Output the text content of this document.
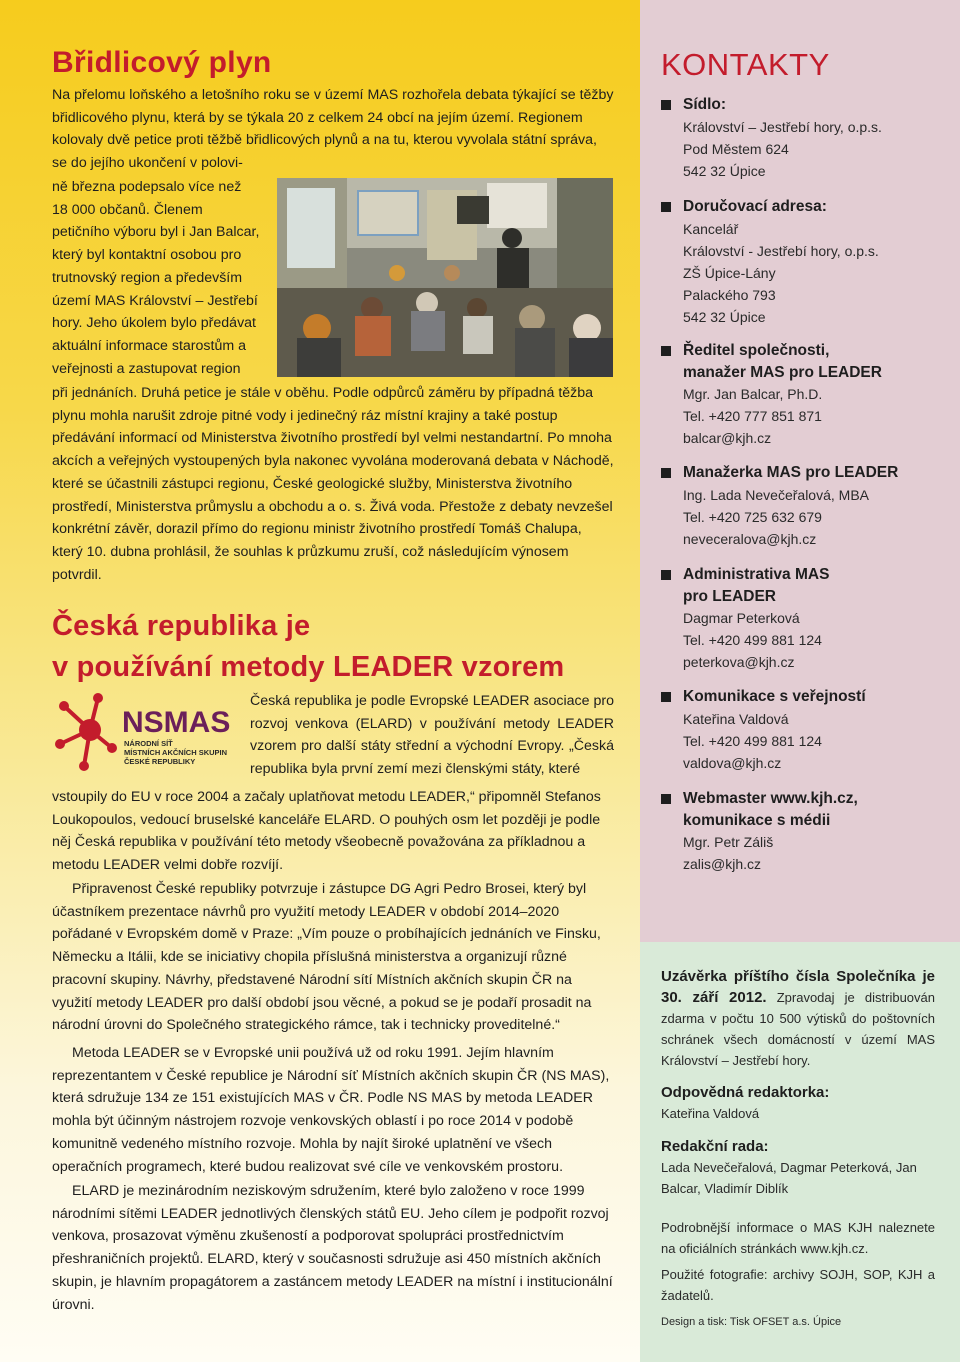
Břidlicový plyn

Na přelomu loňského a letošního roku se v území MAS rozhořela debata týkající se těžby břidlicového plynu, která by se týkala 20 z celkem 24 obcí na jejím území. Regionem kolovaly dvě petice proti těžbě břidlicových plynů a na tu, kterou vyvolala státní správa, se do jejího ukončení v polovi-

ně března podepsalo více než 18 000 občanů. Členem petičního výboru byl i Jan Balcar, který byl kontaktní osobou pro trutnovský region a především území MAS Království – Jestřebí hory. Jeho úkolem bylo předávat aktuální informace starostům a veřejnosti a zastupovat region

při jednáních. Druhá petice je stále v oběhu. Podle odpůrců záměru by případná těžba plynu mohla narušit zdroje pitné vody i jedinečný ráz místní krajiny a také postup předávání informací od Ministerstva životního prostředí byl velmi nestandartní. Po mnoha akcích a veřejných vystoupených byla nakonec vyvolána moderovaná debata v Náchodě, které se účastnili zástupci regionu, České geologické služby, Ministerstva životního prostředí, Ministerstva průmyslu a obchodu a o. s. Živá voda. Přestože z debaty nevzešel konkrétní závěr, dorazil přímo do regionu ministr životního prostředí Tomáš Chalupa, který 10. dubna prohlásil, že souhlas k průzkumu zruší, což následujícím výnosem potvrdil.

Česká republika je
v používání metody LEADER vzorem
NSMAS
NÁRODNÍ SÍŤ
MÍSTNÍCH AKČNÍCH SKUPIN
ČESKÉ REPUBLIKY

Česká republika je podle Evropské LEADER asociace pro rozvoj venkova (ELARD) v používání metody LEADER vzorem pro další státy střední a východní Evropy. „Česká republika byla první zemí mezi členskými státy, které

vstoupily do EU v roce 2004 a začaly uplatňovat metodu LEADER,“ připomněl Stefanos Loukopoulos, vedoucí bruselské kanceláře ELARD. O pouhých osm let později je podle něj Česká republika v používání této metody všeobecně považována za příkladnou a metodu LEADER velmi dobře rozvíjí.

Připravenost České republiky potvrzuje i zástupce DG Agri Pedro Brosei, který byl účastníkem prezentace návrhů pro využití metody LEADER v období 2014–2020 pořádané v Evropském domě v Praze: „Vím pouze o probíhajících jednáních ve Finsku, Německu a Itálii, kde se iniciativy chopila příslušná ministerstva a organizují různé pracovní skupiny. Návrhy, představené Národní sítí Místních akčních skupin ČR na využití metody LEADER pro další období jsou věcné, a pokud se je podaří prosadit na národní úrovni do Společného strategického rámce, tak i technicky proveditelné.“

Metoda LEADER se v Evropské unii používá už od roku 1991. Jejím hlavním reprezentantem v České republice je Národní síť Místních akčních skupin ČR (NS MAS), která sdružuje 134 ze 151 existujících MAS v ČR. Podle NS MAS by metoda LEADER mohla být účinným nástrojem rozvoje venkovských oblastí i po roce 2014 v podobě komunitně vedeného místního rozvoje. Mohla by najít široké uplatnění ve všech operačních programech, které budou realizovat své cíle ve venkovském prostoru.

ELARD je mezinárodním neziskovým sdružením, které bylo založeno v roce 1999 národními sítěmi LEADER jednotlivých členských států EU. Jeho cílem je podpořit rozvoj venkova, prosazovat výměnu zkušeností a podporovat spolupráci prostřednictvím přeshraničních projektů. ELARD, který v současnosti sdružuje asi 450 místních akčních skupin, je hlavním propagátorem a zastáncem metody LEADER na místní i institucionální úrovni.

KONTAKTY
Sídlo:
Království – Jestřebí hory, o.p.s.
Pod Městem 624
542 32 Úpice
Doručovací adresa:
Kancelář
Království - Jestřebí hory, o.p.s.
ZŠ Úpice-Lány
Palackého 793
542 32 Úpice
Ředitel společnosti,
manažer MAS pro LEADER
Mgr. Jan Balcar, Ph.D.
Tel. +420 777 851 871
balcar@kjh.cz
Manažerka MAS pro LEADER
Ing. Lada Nevečeřalová, MBA
Tel. +420 725 632 679
neveceralova@kjh.cz
Administrativa MAS
pro LEADER
Dagmar Peterková
Tel. +420 499 881 124
peterkova@kjh.cz
Komunikace s veřejností
Kateřina Valdová
Tel. +420 499 881 124
valdova@kjh.cz
Webmaster www.kjh.cz,
komunikace s médii
Mgr. Petr Záliš
zalis@kjh.cz

Uzávěrka příštího čísla Společníka je 30. září 2012. Zpravodaj je distribuován zdarma v počtu 10 500 výtisků do poštovních schránek všech domácností v území MAS Království – Jestřebí hory.

Odpovědná redaktorka:
Kateřina Valdová
Redakční rada:
Lada Nevečeřalová, Dagmar Peterková, Jan Balcar, Vladimír Diblík

Podrobnější informace o MAS KJH naleznete na oficiálních stránkách www.kjh.cz.

Použité fotografie: archivy SOJH, SOP, KJH a žadatelů.

Design a tisk: Tisk OFSET a.s. Úpice
